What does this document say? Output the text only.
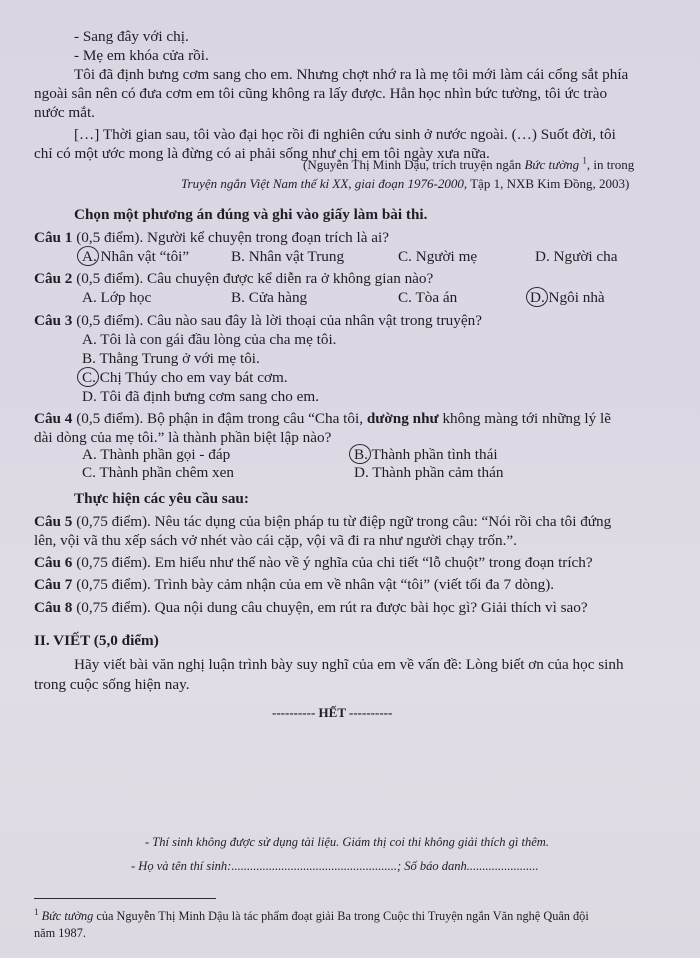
- Sang đây với chị.
- Mẹ em khóa cửa rồi.
Tôi đã định bưng cơm sang cho em. Nhưng chợt nhớ ra là mẹ tôi mới làm cái cổng sắt phía
ngoài sân nên có đưa cơm em tôi cũng không ra lấy được. Hẳn học nhìn bức tường, tôi ức trào
nước mắt.
[…] Thời gian sau, tôi vào đại học rồi đi nghiên cứu sinh ở nước ngoài. (…) Suốt đời, tôi
chỉ có một ước mong là đừng có ai phải sống như chị em tôi ngày xưa nữa.
(Nguyễn Thị Minh Dậu, trích truyện ngắn Bức tường $^1$, in trong
Truyện ngắn Việt Nam thế kỉ XX, giai đoạn 1976-2000, Tập 1, NXB Kim Đồng, 2003)
Chọn một phương án đúng và ghi vào giấy làm bài thi.
Câu 1 (0,5 điểm). Người kể chuyện trong đoạn trích là ai?
A. Nhân vật “tôi”	B. Nhân vật Trung	C. Người mẹ	D. Người cha
Câu 2 (0,5 điểm). Câu chuyện được kể diễn ra ở không gian nào?
A. Lớp học	B. Cửa hàng	C. Tòa án	D. Ngôi nhà
Câu 3 (0,5 điểm). Câu nào sau đây là lời thoại của nhân vật trong truyện?
A. Tôi là con gái đầu lòng của cha mẹ tôi.
B. Thằng Trung ở với mẹ tôi.
C. Chị Thúy cho em vay bát cơm.
D. Tôi đã định bưng cơm sang cho em.
Câu 4 (0,5 điểm). Bộ phận in đậm trong câu “Cha tôi, dường như không màng tới những lý lẽ
dài dòng của mẹ tôi.” là thành phần biệt lập nào?
A. Thành phần gọi - đáp	B. Thành phần tình thái
C. Thành phần chêm xen	D. Thành phần cảm thán
Thực hiện các yêu cầu sau:
Câu 5 (0,75 điểm). Nêu tác dụng của biện pháp tu từ điệp ngữ trong câu: “Nói rồi cha tôi đứng
lên, vội vã thu xếp sách vở nhét vào cái cặp, vội vã đi ra như người chạy trốn.”.
Câu 6 (0,75 điểm). Em hiểu như thế nào về ý nghĩa của chi tiết “lỗ chuột” trong đoạn trích?
Câu 7 (0,75 điểm). Trình bày cảm nhận của em về nhân vật “tôi” (viết tối đa 7 dòng).
Câu 8 (0,75 điểm). Qua nội dung câu chuyện, em rút ra được bài học gì? Giải thích vì sao?
II. VIẾT (5,0 điểm)
Hãy viết bài văn nghị luận trình bày suy nghĩ của em về vấn đề: Lòng biết ơn của học sinh
trong cuộc sống hiện nay.
---------- HẾT ----------
- Thí sinh không được sử dụng tài liệu. Giám thị coi thi không giải thích gì thêm.
- Họ và tên thí sinh:.....................................................; Số báo danh.......................
$^1$ Bức tường của Nguyễn Thị Minh Dậu là tác phẩm đoạt giải Ba trong Cuộc thi Truyện ngắn Văn nghệ Quân đội
năm 1987.
